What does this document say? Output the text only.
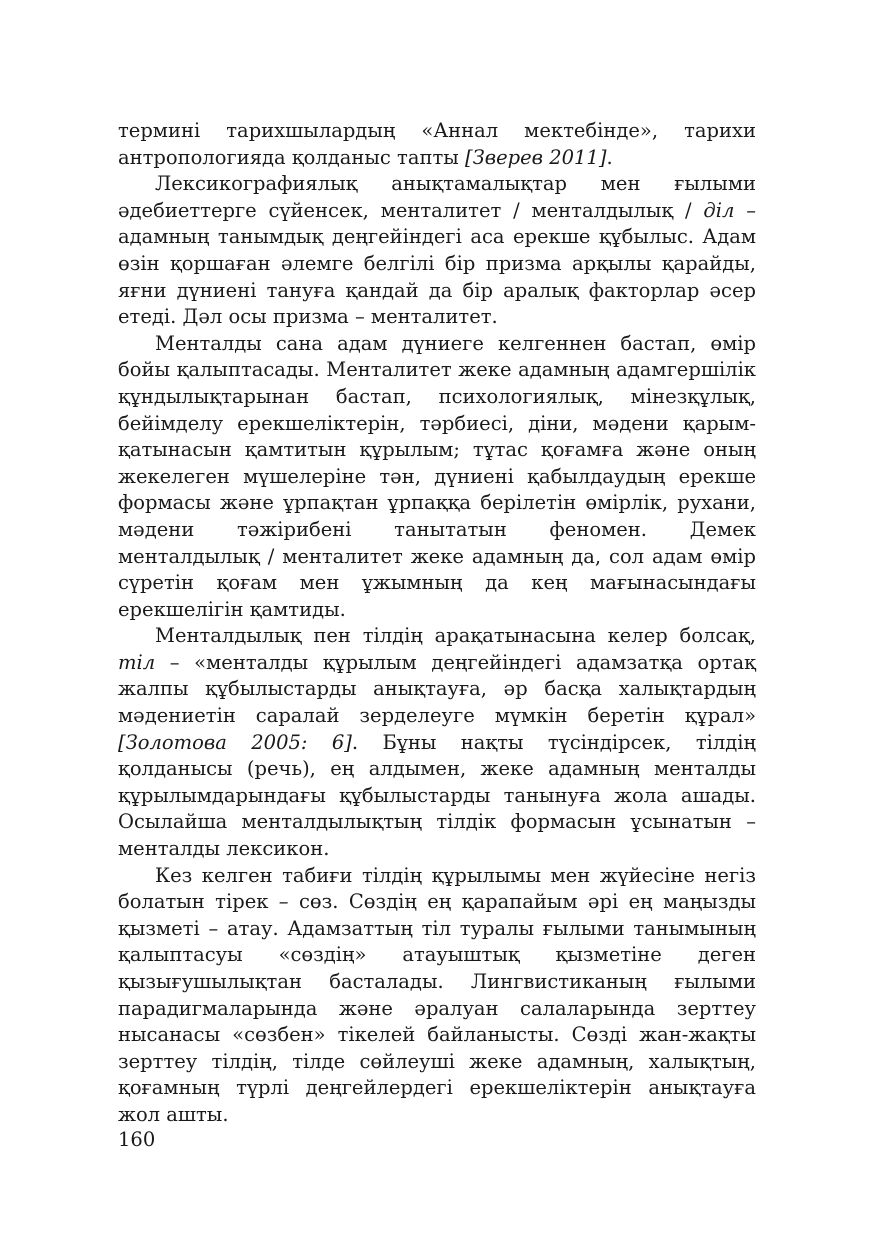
термині тарихшылардың «Аннал мектебінде», тарихи антропологияда қолданыс тапты [Зверев 2011].

Лексикографиялық анықтамалықтар мен ғылыми әдебиеттерге сүйенсек, менталитет / менталдылық / діл – адамның танымдық деңгейіндегі аса ерекше құбылыс. Адам өзін қоршаған әлемге белгілі бір призма арқылы қарайды, яғни дүниені тануға қандай да бір аралық факторлар әсер етеді. Дәл осы призма – менталитет.

Менталды сана адам дүниеге келгеннен бастап, өмір бойы қалыптасады. Менталитет жеке адамның адамгершілік құндылықтарынан бастап, психологиялық, мінезқұлық, бейімделу ерекшеліктерін, тәрбиесі, діни, мәдени қарым-қатынасын қамтитын құрылым; тұтас қоғамға және оның жекелеген мүшелеріне тән, дүниені қабылдаудың ерекше формасы және ұрпақтан ұрпаққа берілетін өмірлік, рухани, мәдени тәжірибені танытатын феномен. Демек менталдылық / менталитет жеке адамның да, сол адам өмір сүретін қоғам мен ұжымның да кең мағынасындағы ерекшелігін қамтиды.

Менталдылық пен тілдің арақатынасына келер болсақ, тіл – «менталды құрылым деңгейіндегі адамзатқа ортақ жалпы құбылыстарды анықтауға, әр басқа халықтардың мәдениетін саралай зерделеуге мүмкін беретін құрал» [Золотова 2005: 6]. Бұны нақты түсіндірсек, тілдің қолданысы (речь), ең алдымен, жеке адамның менталды құрылымдарындағы құбылыстарды танынуға жола ашады. Осылайша менталдылықтың тілдік формасын ұсынатын – менталды лексикон.

Кез келген табиғи тілдің құрылымы мен жүйесіне негіз болатын тірек – сөз. Сөздің ең қарапайым әрі ең маңызды қызметі – атау. Адамзаттың тіл туралы ғылыми танымының қалыптасуы «сөздің» атауыштық қызметіне деген қызығушылықтан басталады. Лингвистиканың ғылыми парадигмаларында және әралуан салаларында зерттеу нысанасы «сөзбен» тікелей байланысты. Сөзді жан-жақты зерттеу тілдің, тілде сөйлеуші жеке адамның, халықтың, қоғамның түрлі деңгейлердегі ерекшеліктерін анықтауға жол ашты.

160
